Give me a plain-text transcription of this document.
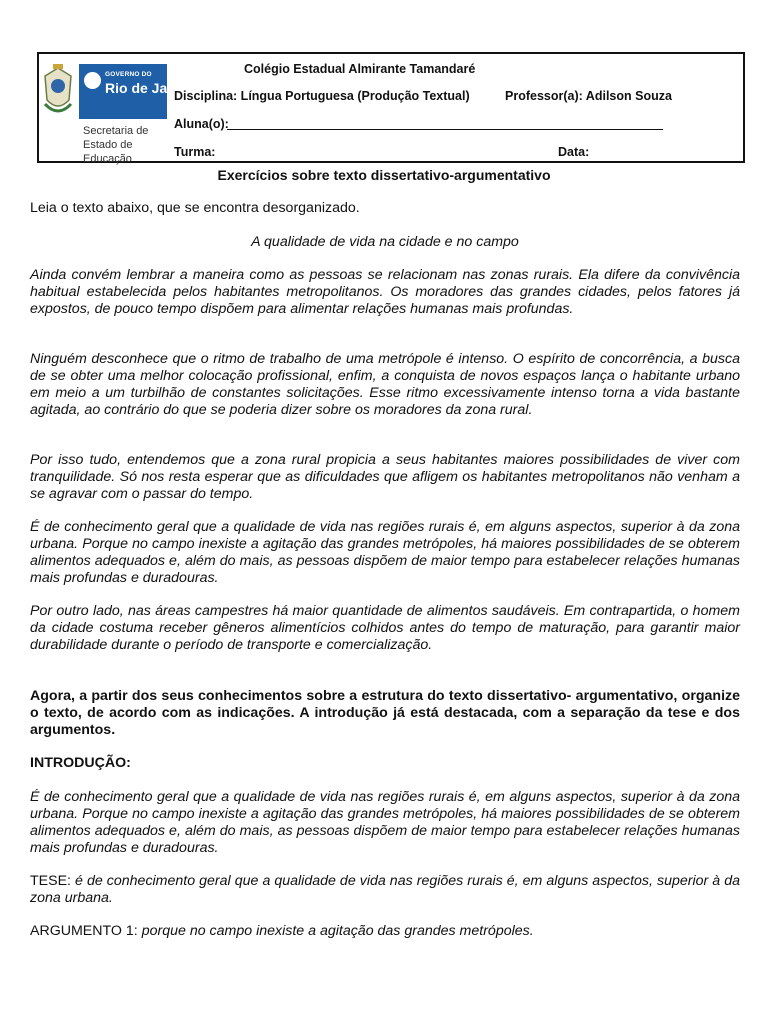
GOVERNO DO
Rio de Janeiro
Secretaria de
Estado de Educação
Colégio Estadual Almirante Tamandaré
Disciplina: Língua Portuguesa (Produção Textual)	Professor(a): Adilson Souza
Aluna(o):
Turma:	Data:
Exercícios sobre texto dissertativo-argumentativo
Leia o texto abaixo, que se encontra desorganizado.
A qualidade de vida na cidade e no campo
Ainda convém lembrar a maneira como as pessoas se relacionam nas zonas rurais. Ela difere da convivência habitual estabelecida pelos habitantes metropolitanos. Os moradores das grandes cidades, pelos fatores já expostos, de pouco tempo dispõem para alimentar relações humanas mais profundas.
Ninguém desconhece que o ritmo de trabalho de uma metrópole é intenso. O espírito de concorrência, a busca de se obter uma melhor colocação profissional, enfim, a conquista de novos espaços lança o habitante urbano em meio a um turbilhão de constantes solicitações. Esse ritmo excessivamente intenso torna a vida bastante agitada, ao contrário do que se poderia dizer sobre os moradores da zona rural.
Por isso tudo, entendemos que a zona rural propicia a seus habitantes maiores possibilidades de viver com tranquilidade. Só nos resta esperar que as dificuldades que afligem os habitantes metropolitanos não venham a se agravar com o passar do tempo.
É de conhecimento geral que a qualidade de vida nas regiões rurais é, em alguns aspectos, superior à da zona urbana. Porque no campo inexiste a agitação das grandes metrópoles, há maiores possibilidades de se obterem alimentos adequados e, além do mais, as pessoas dispõem de maior tempo para estabelecer relações humanas mais profundas e duradouras.
Por outro lado, nas áreas campestres há maior quantidade de alimentos saudáveis. Em contrapartida, o homem da cidade costuma receber gêneros alimentícios colhidos antes do tempo de maturação, para garantir maior durabilidade durante o período de transporte e comercialização.
Agora, a partir dos seus conhecimentos sobre a estrutura do texto dissertativo- argumentativo, organize o texto, de acordo com as indicações. A introdução já está destacada, com a separação da tese e dos argumentos.
INTRODUÇÃO:
É de conhecimento geral que a qualidade de vida nas regiões rurais é, em alguns aspectos, superior à da zona urbana. Porque no campo inexiste a agitação das grandes metrópoles, há maiores possibilidades de se obterem alimentos adequados e, além do mais, as pessoas dispõem de maior tempo para estabelecer relações humanas mais profundas e duradouras.
TESE: é de conhecimento geral que a qualidade de vida nas regiões rurais é, em alguns aspectos, superior à da zona urbana.
ARGUMENTO 1: porque no campo inexiste a agitação das grandes metrópoles.
